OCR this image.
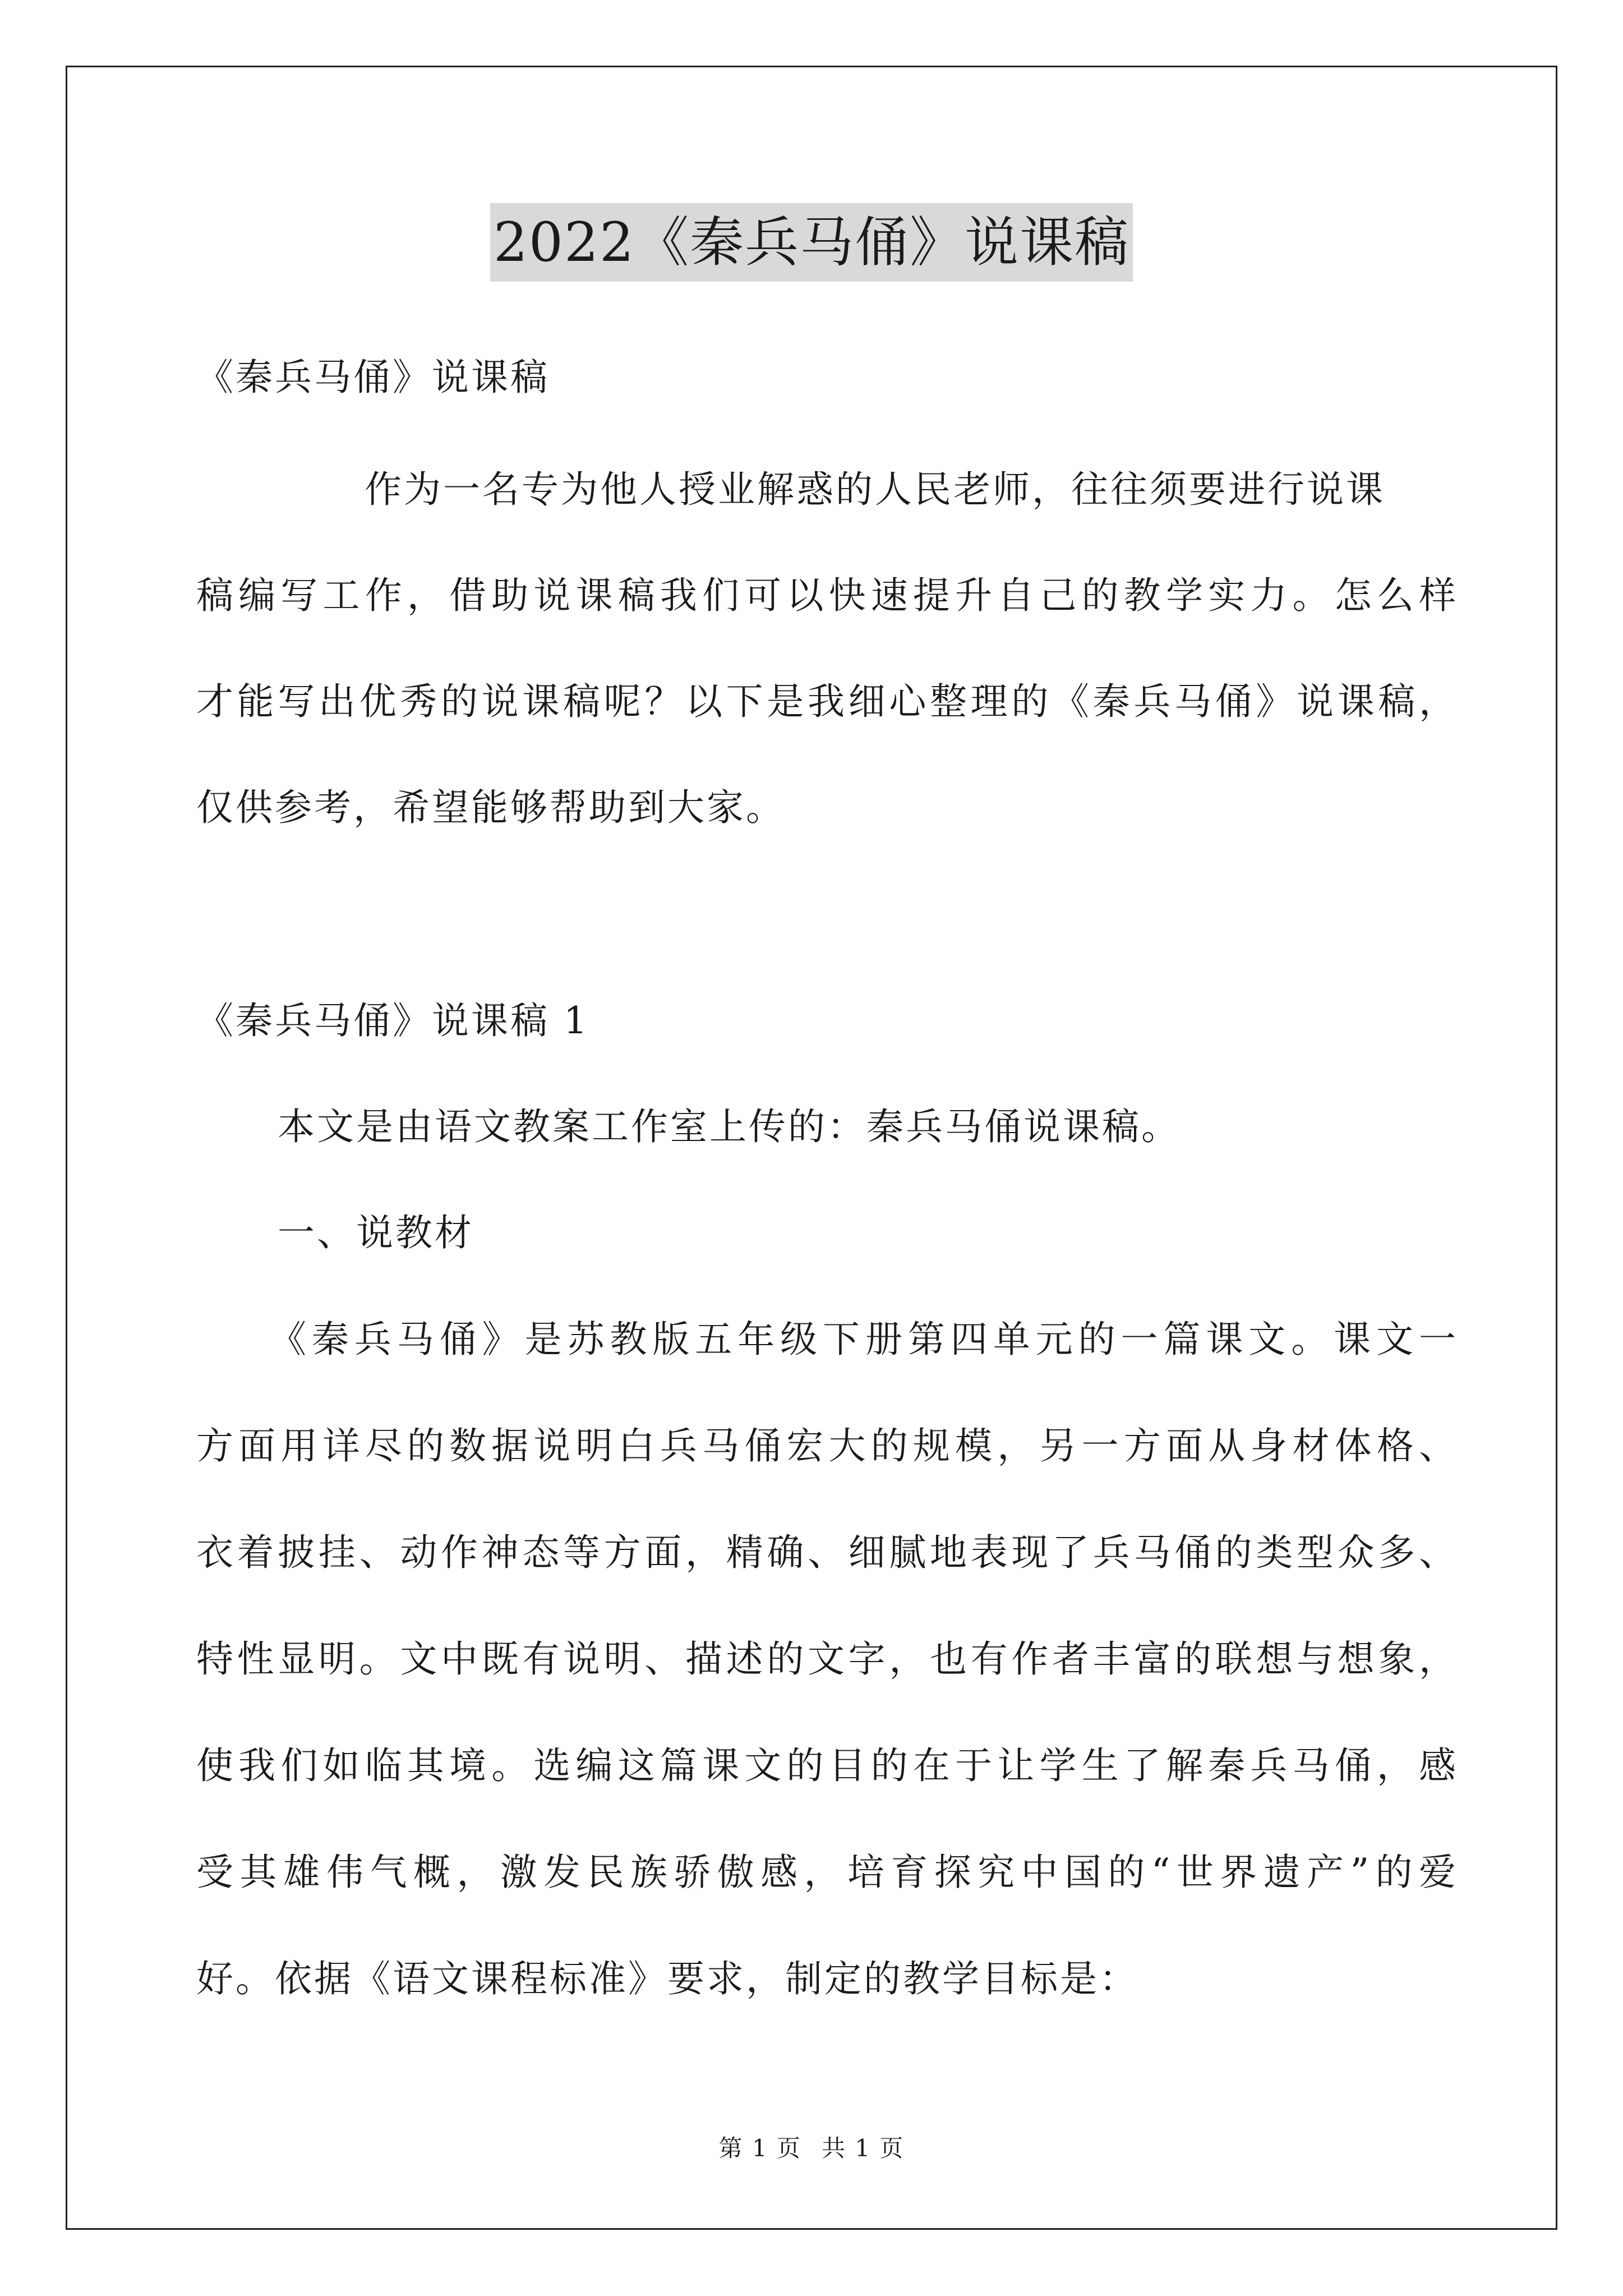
2022《秦兵马俑》说课稿
《秦兵马俑》说课稿
作为一名专为他人授业解惑的人民老师，往往须要进行说课
稿编写工作，借助说课稿我们可以快速提升自己的教学实力。怎么样
才能写出优秀的说课稿呢？以下是我细心整理的《秦兵马俑》说课稿，
仅供参考，希望能够帮助到大家。
《秦兵马俑》说课稿 1
本文是由语文教案工作室上传的：秦兵马俑说课稿。
一、说教材
《秦兵马俑》是苏教版五年级下册第四单元的一篇课文。课文一
方面用详尽的数据说明白兵马俑宏大的规模，另一方面从身材体格、
衣着披挂、动作神态等方面，精确、细腻地表现了兵马俑的类型众多、
特性显明。文中既有说明、描述的文字，也有作者丰富的联想与想象，
使我们如临其境。选编这篇课文的目的在于让学生了解秦兵马俑，感
受其雄伟气概，激发民族骄傲感，培育探究中国的“世界遗产”的爱
好。依据《语文课程标准》要求，制定的教学目标是：
第 1 页 共 1 页
